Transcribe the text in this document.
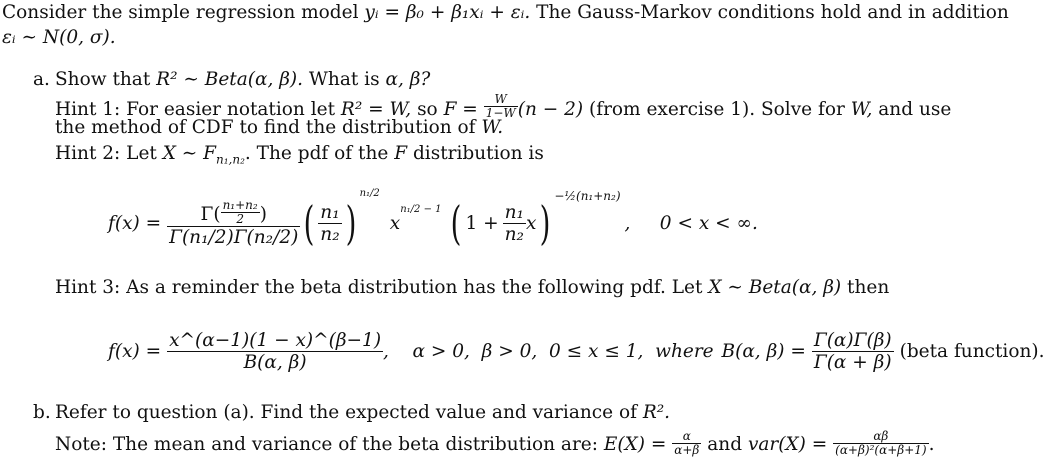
Consider the simple regression model yᵢ = β₀ + β₁xᵢ + εᵢ. The Gauss-Markov conditions hold and in addition
εᵢ ∼ N(0, σ).
a. Show that R² ∼ Beta(α, β). What is α, β?
Hint 1: For easier notation let R² = W, so $F = \frac{W}{1-W} (n - 2)$ (from exercise 1). Solve for W, and use
the method of CDF to find the distribution of W.
Hint 2: Let X ∼ $F_{n_1,n_2}$. The pdf of the F distribution is
$f(x) = \frac{\Gamma( \frac{\text{n₁+n₂}}{2} )}{\text{Γ(n₁/2)Γ(n₂/2)}}$ ( $\frac{\text{n₁}}{\text{n₂}}$ )
n₁/2
x
n₁/2 − 1 ( $1 + \frac{\text{n₁}}{\text{n₂}}$ x ) −½(n₁+n₂)
,     0 < x < ∞.
Hint 3: As a reminder the beta distribution has the following pdf. Let X ∼ Beta(α, β) then
$f(x) = \frac{x\^{}(\alpha-1)(1 - x)\^{}(\beta-1)}{B(\alpha, \beta)}$ ,    α > 0,  β > 0,  0 ≤ x ≤ 1,  where B(α, $\beta) = \frac{\Gamma(\alpha)\Gamma(\beta)}{\Gamma(\alpha + \beta)}$ (beta function).
b. Refer to question (a). Find the expected value and variance of R².
Note: The mean and variance of the beta distribution are: $E(X) = \frac{\alpha}{\alpha+\beta}$ and $var(X) = \frac{\alpha\beta}{\text{(α+β)²(α+β+1)}}$ .
